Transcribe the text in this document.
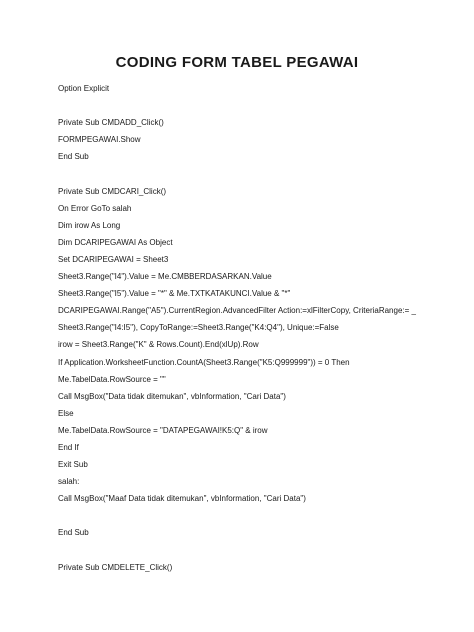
CODING FORM TABEL PEGAWAI
Option Explicit
Private Sub CMDADD_Click()
FORMPEGAWAI.Show
End Sub
Private Sub CMDCARI_Click()
On Error GoTo salah
Dim irow As Long
Dim DCARIPEGAWAI As Object
Set DCARIPEGAWAI = Sheet3
Sheet3.Range("I4").Value = Me.CMBBERDASARKAN.Value
Sheet3.Range("I5").Value = "*" & Me.TXTKATAKUNCI.Value & "*"
DCARIPEGAWAI.Range("A5").CurrentRegion.AdvancedFilter Action:=xlFilterCopy, CriteriaRange:= _
Sheet3.Range("I4:I5"), CopyToRange:=Sheet3.Range("K4:Q4"), Unique:=False
irow = Sheet3.Range("K" & Rows.Count).End(xlUp).Row
If Application.WorksheetFunction.CountA(Sheet3.Range("K5:Q999999")) = 0 Then
Me.TabelData.RowSource = ""
Call MsgBox("Data tidak ditemukan", vbInformation, "Cari Data")
Else
Me.TabelData.RowSource = "DATAPEGAWAI!K5:Q" & irow
End If
Exit Sub
salah:
Call MsgBox("Maaf Data tidak ditemukan", vbInformation, "Cari Data")
End Sub
Private Sub CMDELETE_Click()
